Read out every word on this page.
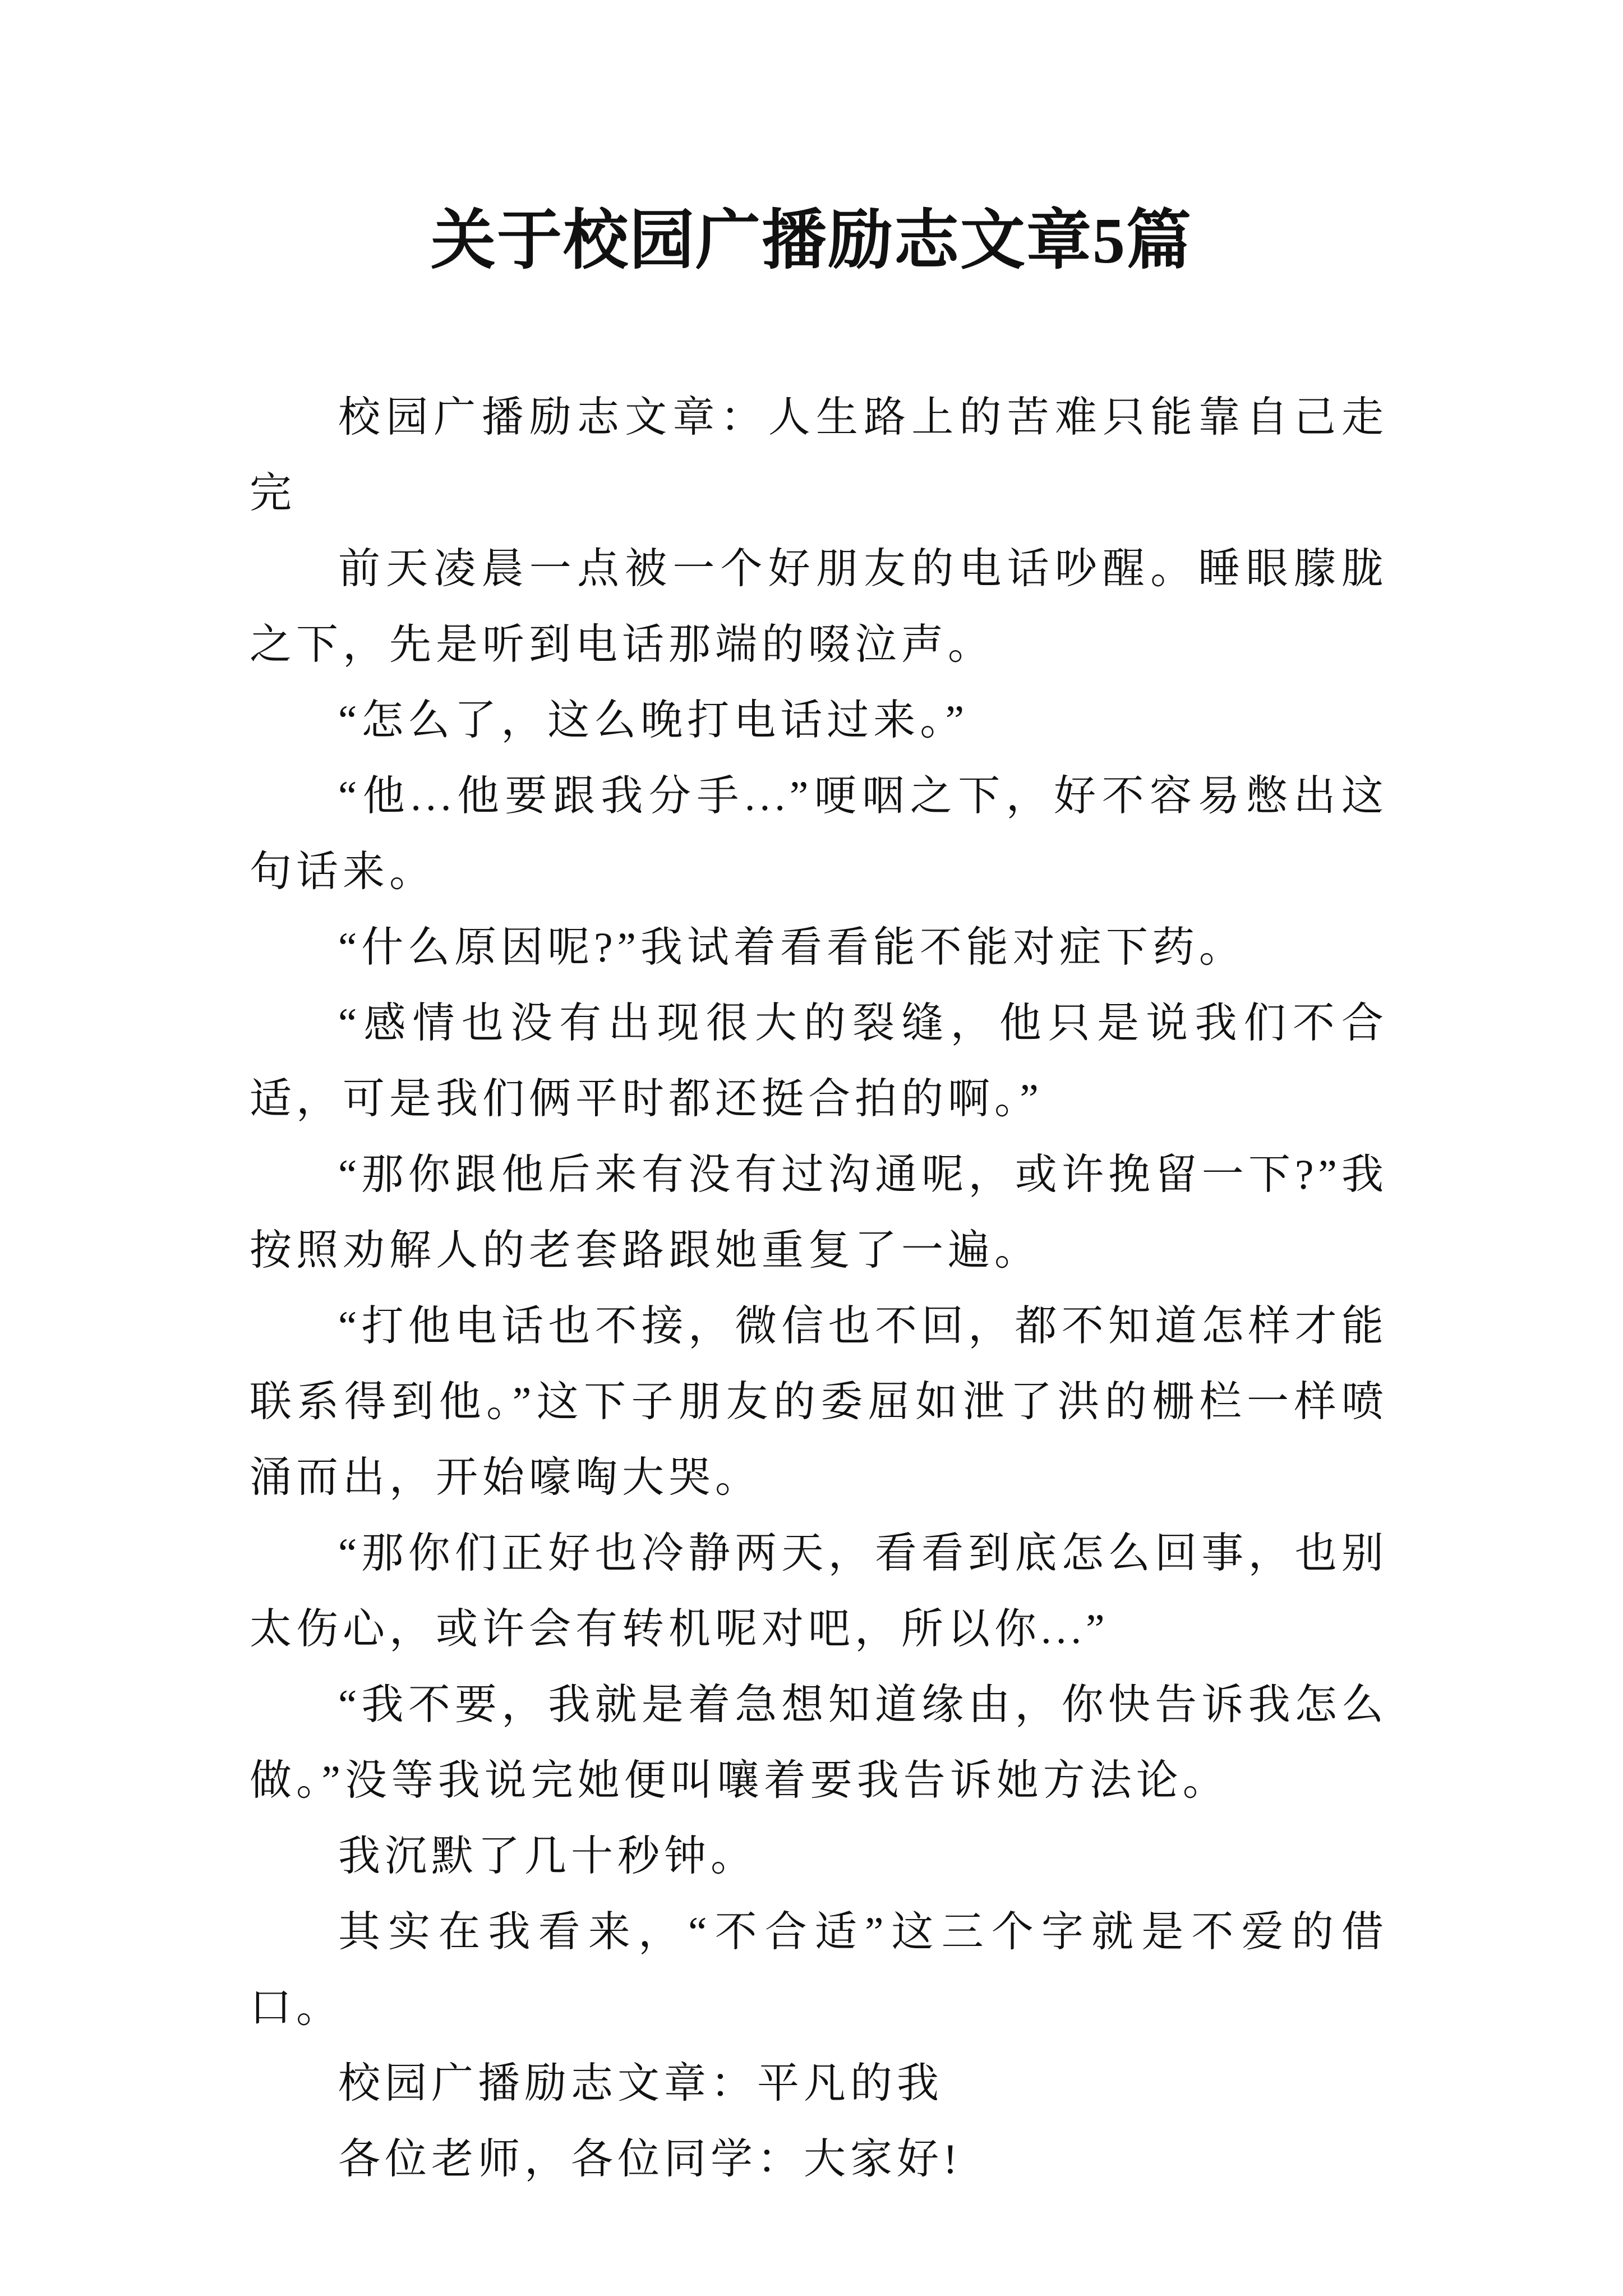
关于校园广播励志文章5篇

校园广播励志文章：人生路上的苦难只能靠自己走完

前天凌晨一点被一个好朋友的电话吵醒。睡眼朦胧之下，先是听到电话那端的啜泣声。

“怎么了，这么晚打电话过来。”

“他...他要跟我分手...”哽咽之下，好不容易憋出这句话来。

“什么原因呢?”我试着看看能不能对症下药。

“感情也没有出现很大的裂缝，他只是说我们不合适，可是我们俩平时都还挺合拍的啊。”

“那你跟他后来有没有过沟通呢，或许挽留一下?”我按照劝解人的老套路跟她重复了一遍。

“打他电话也不接，微信也不回，都不知道怎样才能联系得到他。”这下子朋友的委屈如泄了洪的栅栏一样喷涌而出，开始嚎啕大哭。

“那你们正好也冷静两天，看看到底怎么回事，也别太伤心，或许会有转机呢对吧，所以你...”

“我不要，我就是着急想知道缘由，你快告诉我怎么做。”没等我说完她便叫嚷着要我告诉她方法论。

我沉默了几十秒钟。

其实在我看来，“不合适”这三个字就是不爱的借口。

校园广播励志文章：平凡的我

各位老师，各位同学：大家好!
